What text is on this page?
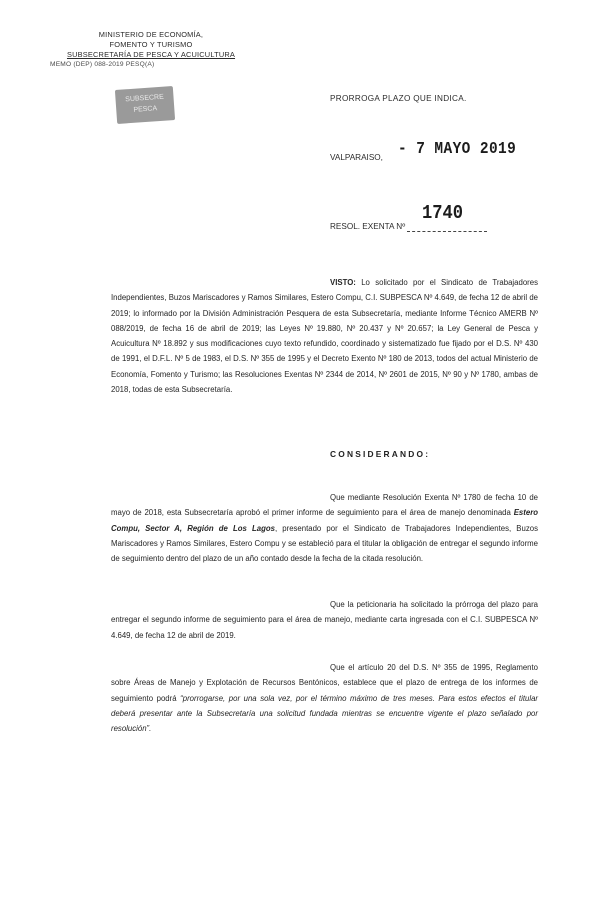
MINISTERIO DE ECONOMÍA,
FOMENTO Y TURISMO
SUBSECRETARÍA DE PESCA Y ACUICULTURA
MEMO (DEP) 088-2019 PESQ(A)
SUBSECRE
PESCA
PRORROGA PLAZO QUE INDICA.
VALPARAISO, - 7 MAYO 2019
RESOL. EXENTA Nº
1740
VISTO: Lo solicitado por el Sindicato de Trabajadores Independientes, Buzos Mariscadores y Ramos Similares, Estero Compu, C.I. SUBPESCA Nº 4.649, de fecha 12 de abril de 2019; lo informado por la División Administración Pesquera de esta Subsecretaría, mediante Informe Técnico AMERB Nº 088/2019, de fecha 16 de abril de 2019; las Leyes Nº 19.880, Nº 20.437 y Nº 20.657; la Ley General de Pesca y Acuicultura Nº 18.892 y sus modificaciones cuyo texto refundido, coordinado y sistematizado fue fijado por el D.S. Nº 430 de 1991, el D.F.L. Nº 5 de 1983, el D.S. Nº 355 de 1995 y el Decreto Exento Nº 180 de 2013, todos del actual Ministerio de Economía, Fomento y Turismo; las Resoluciones Exentas Nº 2344 de 2014, Nº 2601 de 2015, Nº 90 y Nº 1780, ambas de 2018, todas de esta Subsecretaría.
CONSIDERANDO:
Que mediante Resolución Exenta Nº 1780 de fecha 10 de mayo de 2018, esta Subsecretaría aprobó el primer informe de seguimiento para el área de manejo denominada Estero Compu, Sector A, Región de Los Lagos, presentado por el Sindicato de Trabajadores Independientes, Buzos Mariscadores y Ramos Similares, Estero Compu y se estableció para el titular la obligación de entregar el segundo informe de seguimiento dentro del plazo de un año contado desde la fecha de la citada resolución.
Que la peticionaria ha solicitado la prórroga del plazo para entregar el segundo informe de seguimiento para el área de manejo, mediante carta ingresada con el C.I. SUBPESCA Nº 4.649, de fecha 12 de abril de 2019.
Que el artículo 20 del D.S. Nº 355 de 1995, Reglamento sobre Áreas de Manejo y Explotación de Recursos Bentónicos, establece que el plazo de entrega de los informes de seguimiento podrá “prorrogarse, por una sola vez, por el término máximo de tres meses. Para estos efectos el titular deberá presentar ante la Subsecretaría una solicitud fundada mientras se encuentre vigente el plazo señalado por resolución”.
